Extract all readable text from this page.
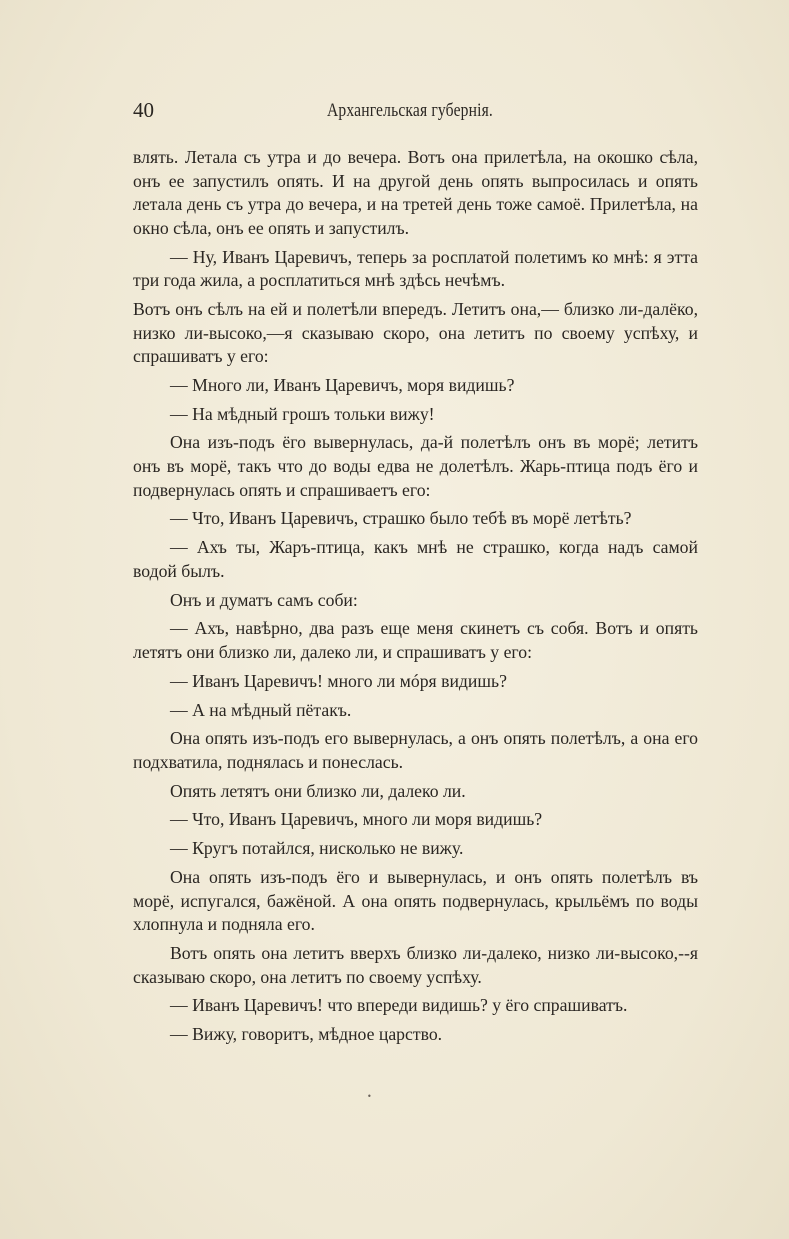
40	Архангельская губернія.

влять. Летала съ утра и до вечера. Вотъ она прилетѣла, на окошко сѣла, онъ ее запустилъ опять. И на другой день опять выпросилась и опять летала день съ утра до вечера, и на третей день тоже самоё. Прилетѣла, на окно сѣла, онъ ее опять и запустилъ.

— Ну, Иванъ Царевичъ, теперь за росплатой полетимъ ко мнѣ: я этта три года жила, а росплатиться мнѣ здѣсь нечѣмъ.

Вотъ онъ сѣлъ на ей и полетѣли впередъ. Летитъ она,— близко ли-далёко, низко ли-высоко,—я сказываю скоро, она летитъ по своему успѣху, и спрашиватъ у его:

— Много ли, Иванъ Царевичъ, моря видишь?

— На мѣдный грошъ тольки вижу!

Она изъ-подъ ёго вывернулась, да-й полетѣлъ онъ въ морё; летитъ онъ въ морё, такъ что до воды едва не долетѣлъ. Жарь-птица подъ ёго и подвернулась опять и спрашиваетъ его:

— Что, Иванъ Царевичъ, страшко было тебѣ въ морё летѣть?

— Ахъ ты, Жаръ-птица, какъ мнѣ не страшко, когда надъ самой водой былъ.

Онъ и думатъ самъ соби:

— Ахъ, навѣрно, два разъ еще меня скинетъ съ собя. Вотъ и опять летятъ они близко ли, далеко ли, и спрашиватъ у его:

— Иванъ Царевичъ! много ли мóря видишь?

— А на мѣдный пётакъ.

Она опять изъ-подъ его вывернулась, а онъ опять полетѣлъ, а она его подхватила, поднялась и понеслась.

Опять летятъ они близко ли, далеко ли.

— Что, Иванъ Царевичъ, много ли моря видишь?

— Кругъ потайлся, нисколько не вижу.

Она опять изъ-подъ ёго и вывернулась, и онъ опять полетѣлъ въ морё, испугался, бажёной. А она опять подвернулась, крыльёмъ по воды хлопнула и подняла его.

Вотъ опять она летитъ вверхъ близко ли-далеко, низко ли-высоко,--я сказываю скоро, она летитъ по своему успѣху.

— Иванъ Царевичъ! что впереди видишь? у ёго спрашиватъ.

— Вижу, говоритъ, мѣдное царство.

•
